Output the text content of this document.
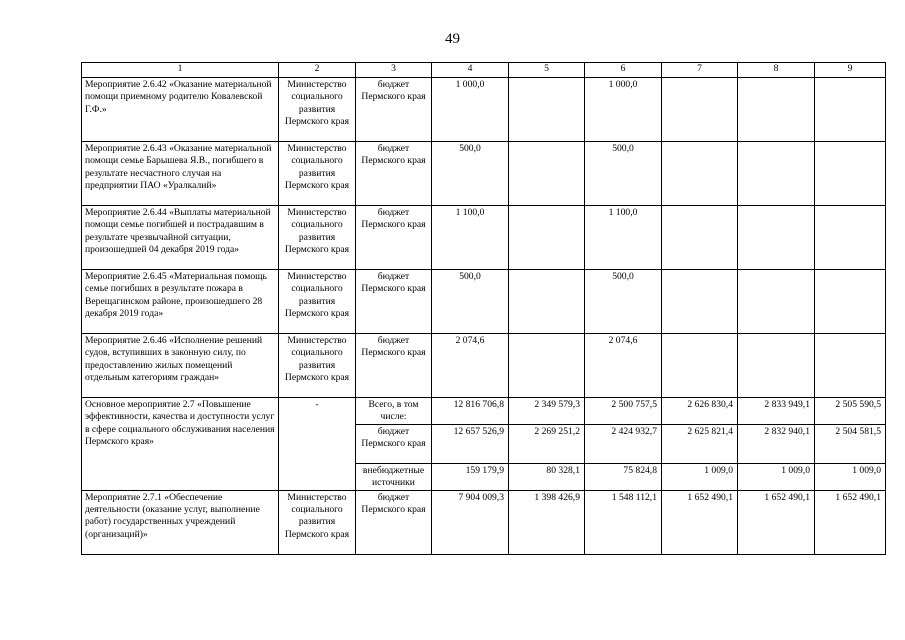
49
1	2	3	4	5	6	7	8	9
Мероприятие 2.6.42 «Оказание материальной помощи приемному родителю Ковалевской Г.Ф.»	Министерство социального развития Пермского края	бюджет Пермского края	1 000,0		1 000,0			
Мероприятие 2.6.43 «Оказание материальной помощи семье Барышева Я.В., погибшего в результате несчастного случая на предприятии ПАО «Уралкалий»	Министерство социального развития Пермского края	бюджет Пермского края	500,0		500,0			
Мероприятие 2.6.44 «Выплаты материальной помощи семье погибшей и пострадавшим в результате чрезвычайной ситуации, произошедшей 04 декабря 2019 года»	Министерство социального развития Пермского края	бюджет Пермского края	1 100,0		1 100,0			
Мероприятие 2.6.45 «Материальная помощь семье погибших в результате пожара в Верещагинском районе, произошедшего 28 декабря 2019 года»	Министерство социального развития Пермского края	бюджет Пермского края	500,0		500,0			
Мероприятие 2.6.46 «Исполнение решений судов, вступивших в законную силу, по предоставлению жилых помещений отдельным категориям граждан»	Министерство социального развития Пермского края	бюджет Пермского края	2 074,6		2 074,6			
Основное мероприятие 2.7 «Повышение эффективности, качества и доступности услуг в сфере социального обслуживания населения Пермского края»	-	Всего, в том числе:	12 816 706,8	2 349 579,3	2 500 757,5	2 626 830,4	2 833 949,1	2 505 590,5
		бюджет Пермского края	12 657 526,9	2 269 251,2	2 424 932,7	2 625 821,4	2 832 940,1	2 504 581,5
		внебюджетные источники	159 179,9	80 328,1	75 824,8	1 009,0	1 009,0	1 009,0
Мероприятие 2.7.1 «Обеспечение деятельности (оказание услуг, выполнение работ) государственных учреждений (организаций)»	Министерство социального развития Пермского края	бюджет Пермского края	7 904 009,3	1 398 426,9	1 548 112,1	1 652 490,1	1 652 490,1	1 652 490,1
